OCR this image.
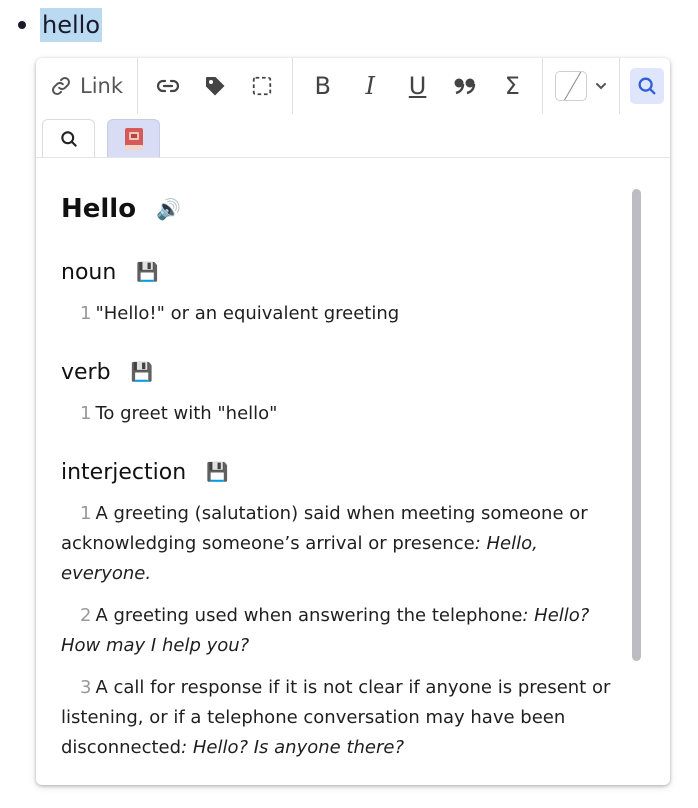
hello
Link	B	I	U	Σ
Hello 🔊
noun 💾
1 "Hello!" or an equivalent greeting
verb 💾
1 To greet with "hello"
interjection 💾
1 A greeting (salutation) said when meeting someone or acknowledging someone’s arrival or presence: Hello, everyone.
2 A greeting used when answering the telephone: Hello? How may I help you?
3 A call for response if it is not clear if anyone is present or listening, or if a telephone conversation may have been disconnected: Hello? Is anyone there?
